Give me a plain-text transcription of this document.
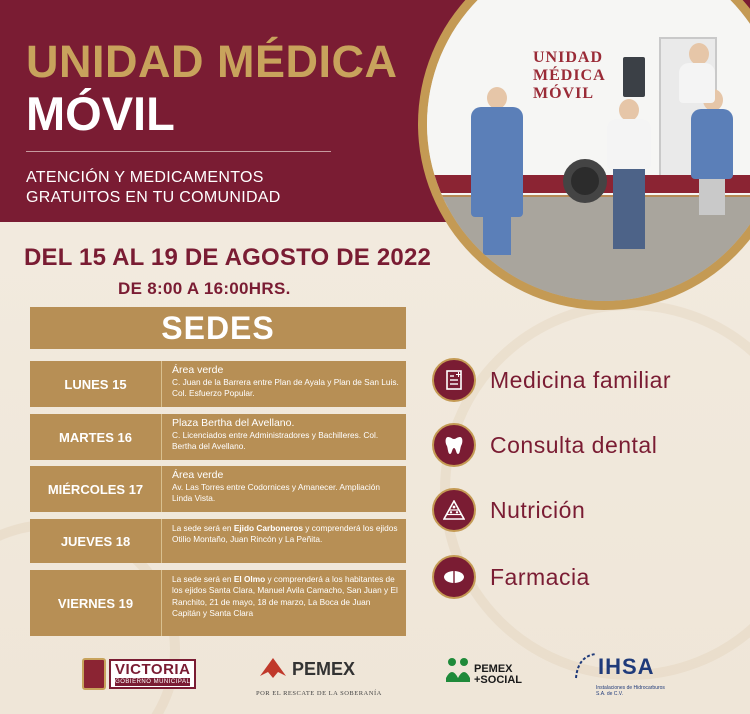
UNIDAD MÉDICA
MÓVIL
ATENCIÓN Y MEDICAMENTOS
GRATUITOS EN TU COMUNIDAD
UNIDAD
MÉDICA
MÓVIL
DEL 15 AL 19 DE AGOSTO DE 2022
DE 8:00 A 16:00HRS.
SEDES
LUNES 15
Área verde
C. Juan de la Barrera entre Plan de Ayala y Plan de San Luis. Col. Esfuerzo Popular.
MARTES 16
Plaza Bertha del Avellano.
C. Licenciados entre Administradores y Bachilleres. Col. Bertha del Avellano.
MIÉRCOLES 17
Área verde
Av. Las Torres entre Codornices y Amanecer. Ampliación Linda Vista.
JUEVES 18
La sede será en Ejido Carboneros y comprenderá los ejidos Otilio Montaño, Juan Rincón y La Peñita.
VIERNES 19
La sede será en El Olmo y comprenderá a los habitantes de los ejidos Santa Clara, Manuel Avila Camacho, San Juan y El Ranchito, 21 de mayo, 18 de marzo, La Boca de Juan Capitán y Santa Clara
Medicina familiar
Consulta dental
Nutrición
Farmacia
VICTORIA
GOBIERNO MUNICIPAL
PEMEX
POR EL RESCATE DE LA SOBERANÍA
PEMEX
+SOCIAL
IHSA
Instalaciones de Hidrocarburos S.A. de C.V.
